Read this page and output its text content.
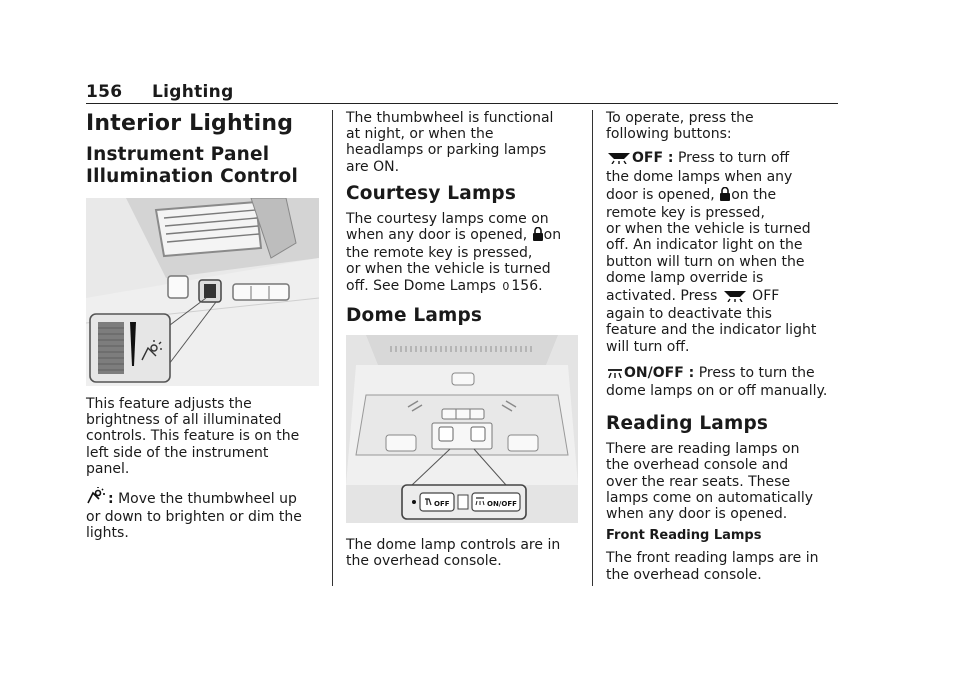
156 Lighting
Interior Lighting
Instrument Panel
Illumination Control

This feature adjusts the

brightness of all illuminated

controls. This feature is on the

left side of the instrument

panel.

: Move the thumbwheel up

or down to brighten or dim the

lights.

The thumbwheel is functional

at night, or when the

headlamps or parking lamps

are ON.

Courtesy Lamps

The courtesy lamps come on

when any door is opened, on

the remote key is pressed,

or when the vehicle is turned

off. See Dome Lamps 0 156.

Dome Lamps
OFF	ON/OFF

The dome lamp controls are in

the overhead console.

To operate, press the

following buttons:

OFF : Press to turn off

the dome lamps when any

door is opened, on the

remote key is pressed,

or when the vehicle is turned

off. An indicator light on the

button will turn on when the

dome lamp override is

activated. Press OFF

again to deactivate this

feature and the indicator light

will turn off.

ON/OFF : Press to turn the

dome lamps on or off manually.

Reading Lamps

There are reading lamps on

the overhead console and

over the rear seats. These

lamps come on automatically

when any door is opened.

Front Reading Lamps

The front reading lamps are in

the overhead console.
